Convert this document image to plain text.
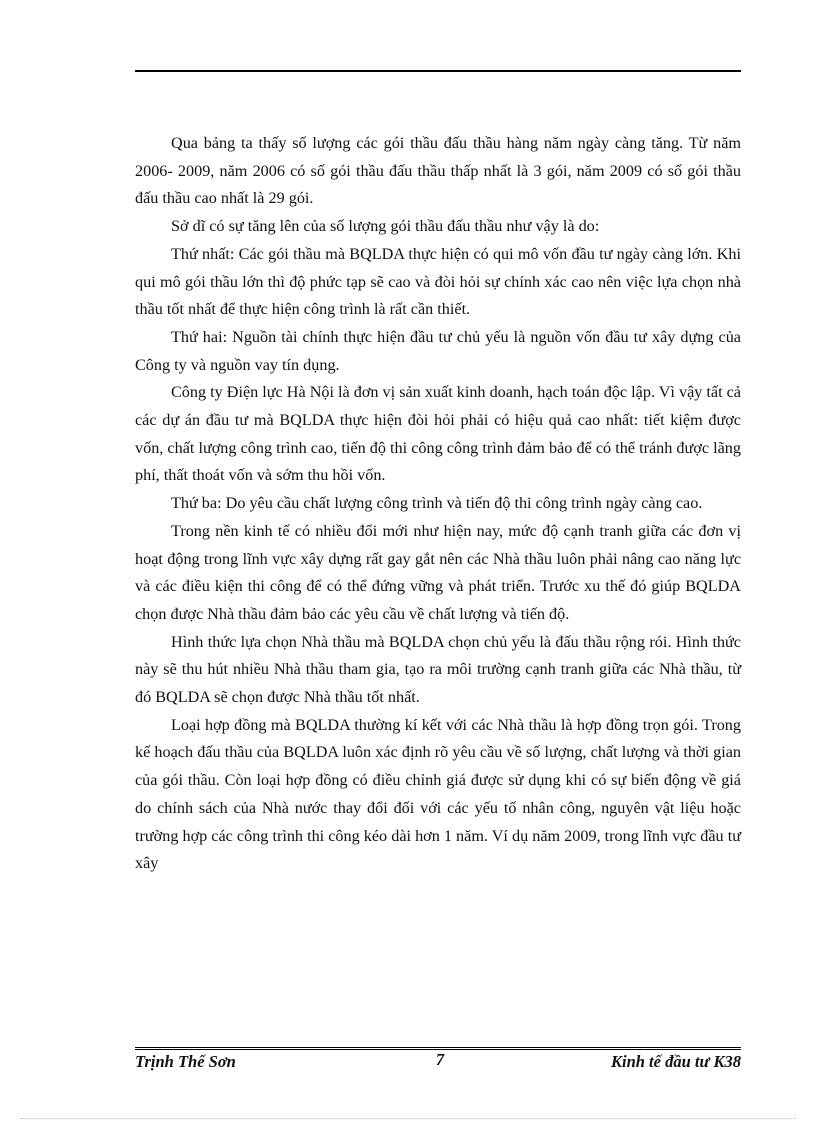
Qua bảng ta thấy số lượng các gói thầu đấu thầu hàng năm ngày càng tăng. Từ năm 2006- 2009, năm 2006 có số gói thầu đấu thầu thấp nhất là 3 gói, năm 2009 có số gói thầu đấu thầu cao nhất là 29 gói.

Sở dĩ có sự tăng lên của số lượng gói thầu đấu thầu như vậy là do:

Thứ nhất: Các gói thầu mà BQLDA thực hiện có qui mô vốn đầu tư ngày càng lớn. Khi qui mô gói thầu lớn thì độ phức tạp sẽ cao và đòi hỏi sự chính xác cao nên việc lựa chọn nhà thầu tốt nhất để thực hiện công trình là rất cần thiết.

Thứ hai: Nguồn tài chính thực hiện đầu tư chủ yếu là nguồn vốn đầu tư xây dựng của Công ty và nguồn vay tín dụng.

Công ty Điện lực Hà Nội là đơn vị sản xuất kinh doanh, hạch toán độc lập. Vì vậy tất cả các dự án đầu tư mà BQLDA thực hiện đòi hỏi phải có hiệu quả cao nhất: tiết kiệm được vốn, chất lượng công trình cao, tiến độ thi công công trình đảm bảo để có thể tránh được lãng phí, thất thoát vốn và sớm thu hồi vốn.

Thứ ba: Do yêu cầu chất lượng công trình và tiến độ thi công trình ngày càng cao.

Trong nền kinh tế có nhiều đổi mới như hiện nay, mức độ cạnh tranh giữa các đơn vị hoạt động trong lĩnh vực xây dựng rất gay gắt nên các Nhà thầu luôn phải nâng cao năng lực và các điều kiện thi công để có thể đứng vững và phát triển. Trước xu thế đó giúp BQLDA chọn được Nhà thầu đảm bảo các yêu cầu về chất lượng và tiến độ.

Hình thức lựa chọn Nhà thầu mà BQLDA chọn chủ yếu là đấu thầu rộng rói. Hình thức này sẽ thu hút nhiều Nhà thầu tham gia, tạo ra môi trường cạnh tranh giữa các Nhà thầu, từ đó BQLDA sẽ chọn được Nhà thầu tốt nhất.

Loại hợp đồng mà BQLDA thường kí kết với các Nhà thầu là hợp đồng trọn gói. Trong kế hoạch đấu thầu của BQLDA luôn xác định rõ yêu cầu về số lượng, chất lượng và thời gian của gói thầu. Còn loại hợp đồng có điều chỉnh giá được sử dụng khi có sự biến động về giá do chính sách của Nhà nước thay đổi đối với các yếu tố nhân công, nguyên vật liệu hoặc trường hợp các công trình thi công kéo dài hơn 1 năm. Ví dụ năm 2009, trong lĩnh vực đầu tư xây

Trịnh Thế Sơn	7	Kinh tế đầu tư K38
